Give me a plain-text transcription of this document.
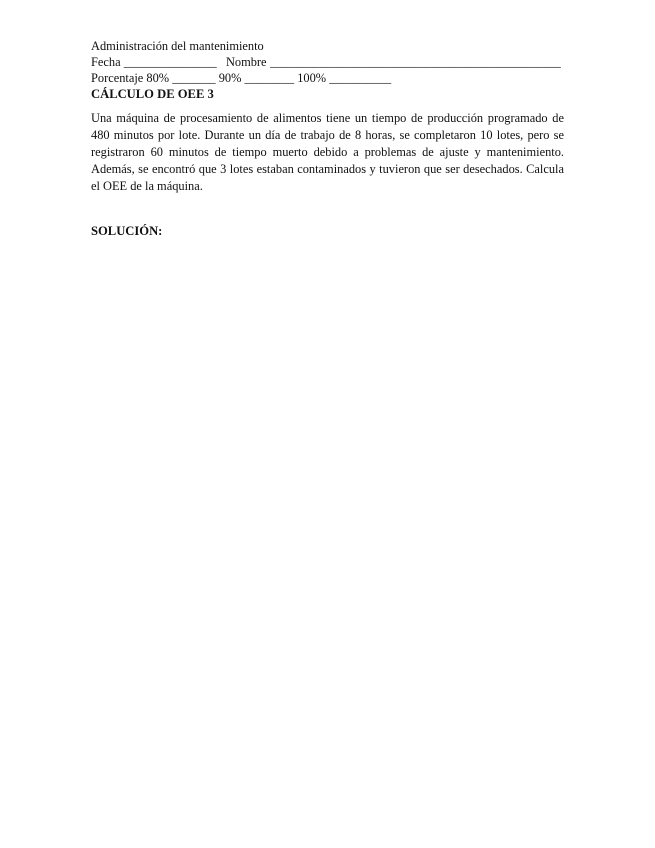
Administración del mantenimiento
Fecha
_______________
Nombre
_______________________________________________
Porcentaje 80% _______ 90% ________ 100% __________
CÁLCULO DE OEE 3
Una máquina de procesamiento de alimentos tiene un tiempo de producción programado de 480 minutos por lote. Durante un día de trabajo de 8 horas, se completaron 10 lotes, pero se registraron 60 minutos de tiempo muerto debido a problemas de ajuste y mantenimiento. Además, se encontró que 3 lotes estaban contaminados y tuvieron que ser desechados. Calcula el OEE de la máquina.
SOLUCIÓN:
